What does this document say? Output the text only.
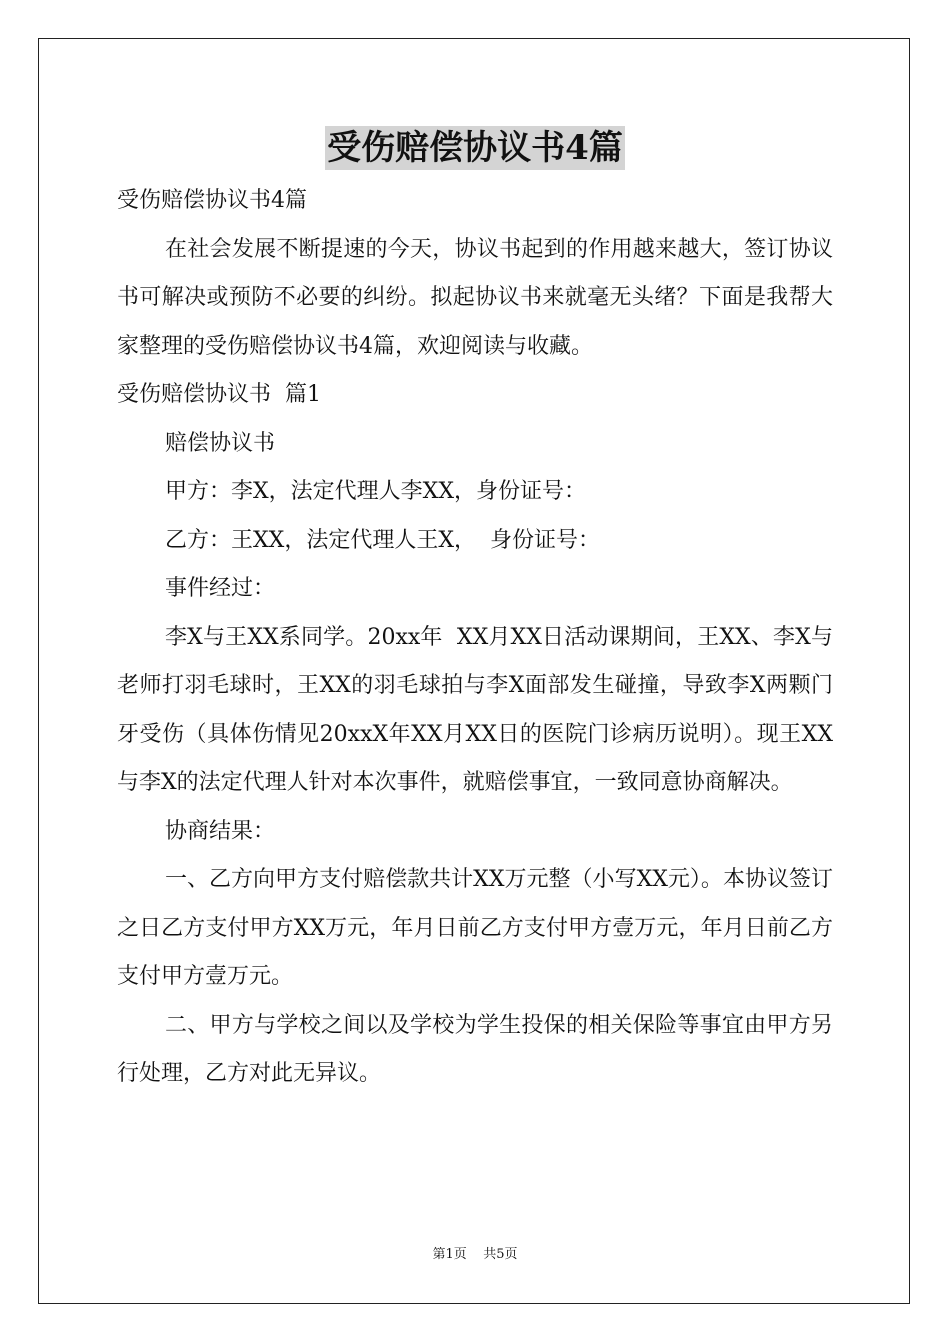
受伤赔偿协议书4篇

受伤赔偿协议书4篇

在社会发展不断提速的今天，协议书起到的作用越来越大，签订协议书可解决或预防不必要的纠纷。拟起协议书来就毫无头绪？下面是我帮大家整理的受伤赔偿协议书4篇，欢迎阅读与收藏。

受伤赔偿协议书  篇1

赔偿协议书

甲方：李X，法定代理人李XX，身份证号：

乙方：王XX，法定代理人王X，  身份证号：

事件经过：

李X与王XX系同学。20xx年  XX月XX日活动课期间，王XX、李X与老师打羽毛球时，王XX的羽毛球拍与李X面部发生碰撞，导致李X两颗门牙受伤（具体伤情见20xxX年XX月XX日的医院门诊病历说明）。现王XX与李X的法定代理人针对本次事件，就赔偿事宜，一致同意协商解决。

协商结果：

一、乙方向甲方支付赔偿款共计XX万元整（小写XX元）。本协议签订之日乙方支付甲方XX万元，年月日前乙方支付甲方壹万元，年月日前乙方支付甲方壹万元。

二、甲方与学校之间以及学校为学生投保的相关保险等事宜由甲方另行处理，乙方对此无异议。

第1页    共5页
